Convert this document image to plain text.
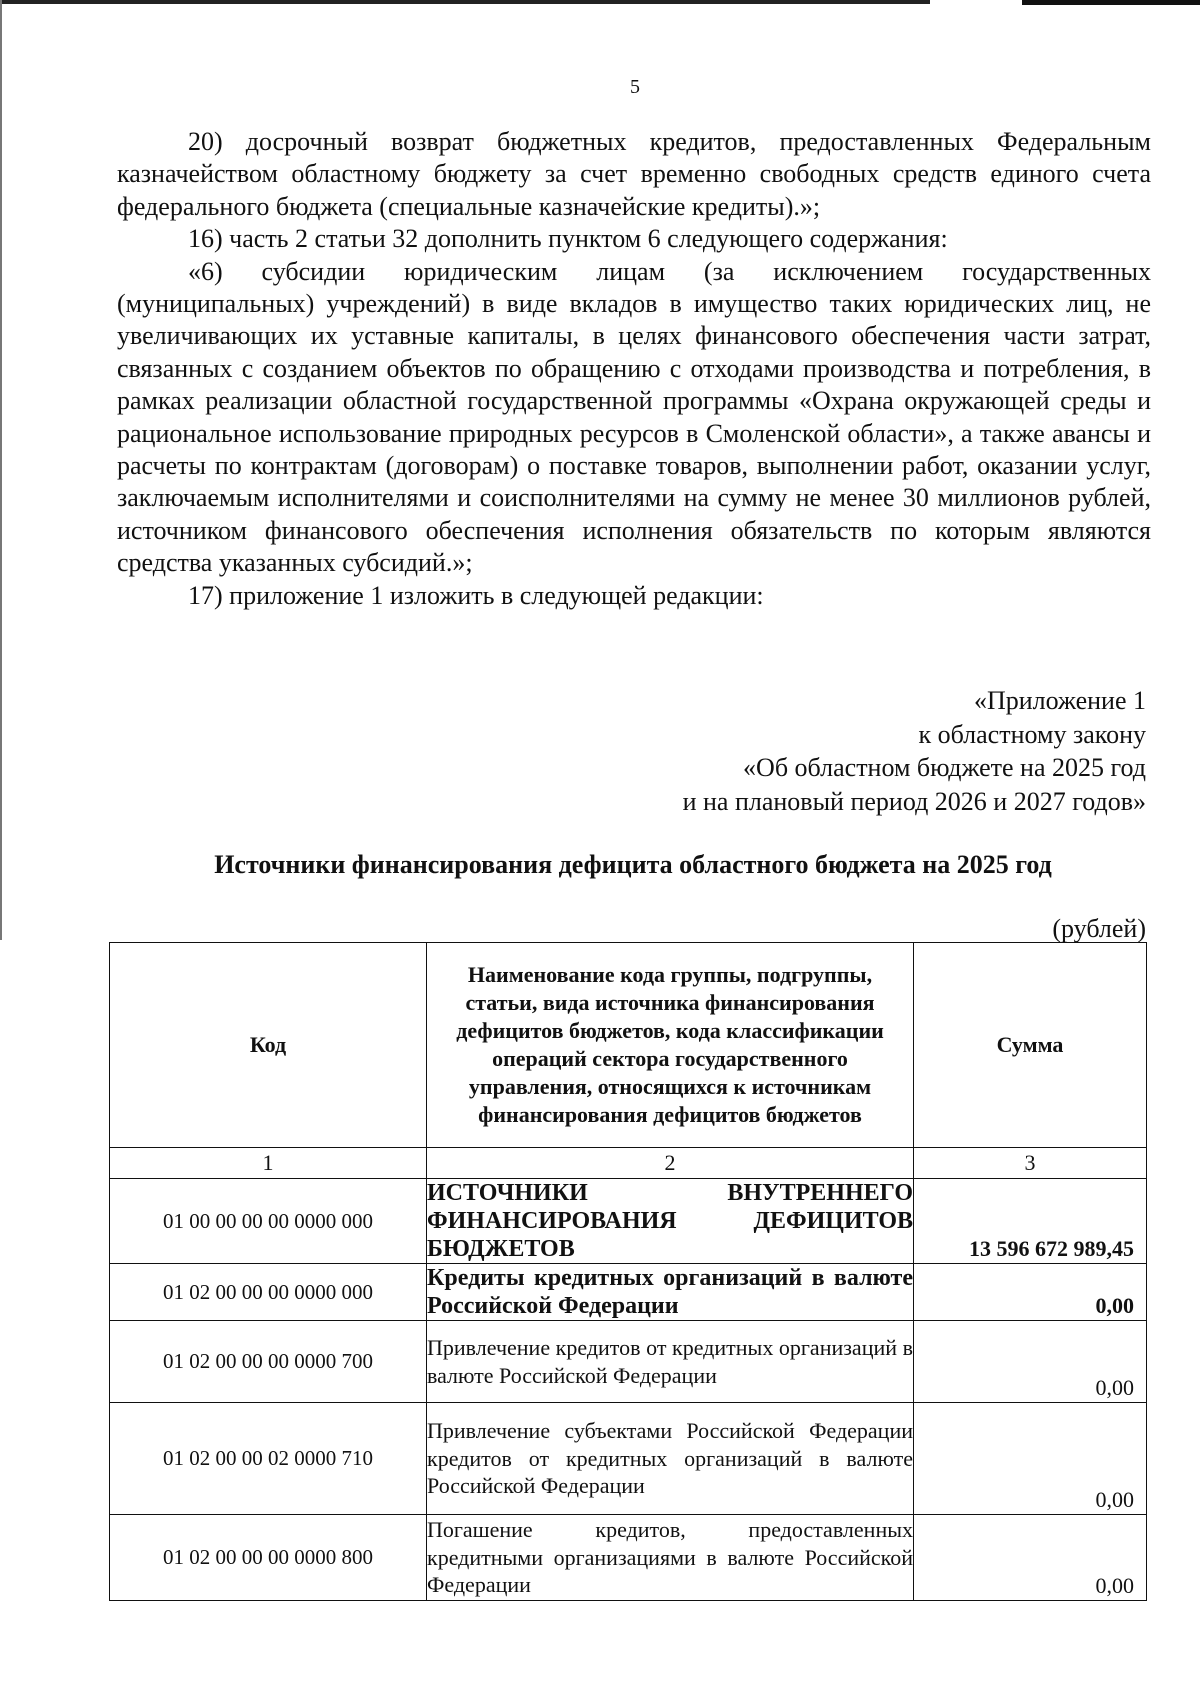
5

20) досрочный возврат бюджетных кредитов, предоставленных Федеральным казначейством областному бюджету за счет временно свободных средств единого счета федерального бюджета (специальные казначейские кредиты).»;

16) часть 2 статьи 32 дополнить пунктом 6 следующего содержания:

«6) субсидии юридическим лицам (за исключением государственных (муниципальных) учреждений) в виде вкладов в имущество таких юридических лиц, не увеличивающих их уставные капиталы, в целях финансового обеспечения части затрат, связанных с созданием объектов по обращению с отходами производства и потребления, в рамках реализации областной государственной программы «Охрана окружающей среды и рациональное использование природных ресурсов в Смоленской области», а также авансы и расчеты по контрактам (договорам) о поставке товаров, выполнении работ, оказании услуг, заключаемым исполнителями и соисполнителями на сумму не менее 30 миллионов рублей, источником финансового обеспечения исполнения обязательств по которым являются средства указанных субсидий.»;

17) приложение 1 изложить в следующей редакции:

«Приложение 1
к областному закону
«Об областном бюджете на 2025 год
и на плановый период 2026 и 2027 годов»
Источники финансирования дефицита областного бюджета на 2025 год
(рублей)
Код	Наименование кода группы, подгруппы, статьи, вида источника финансирования дефицитов бюджетов, кода классификации операций сектора государственного управления, относящихся к источникам финансирования дефицитов бюджетов	Сумма
1	2	3
01 00 00 00 00 0000 000	ИСТОЧНИКИ ВНУТРЕННЕГО ФИНАНСИРОВАНИЯ ДЕФИЦИТОВ БЮДЖЕТОВ	13 596 672 989,45
01 02 00 00 00 0000 000	Кредиты кредитных организаций в валюте Российской Федерации	0,00
01 02 00 00 00 0000 700	Привлечение кредитов от кредитных организаций в валюте Российской Федерации	0,00
01 02 00 00 02 0000 710	Привлечение субъектами Российской Федерации кредитов от кредитных организаций в валюте Российской Федерации	0,00
01 02 00 00 00 0000 800	Погашение кредитов, предоставленных кредитными организациями в валюте Российской Федерации	0,00
